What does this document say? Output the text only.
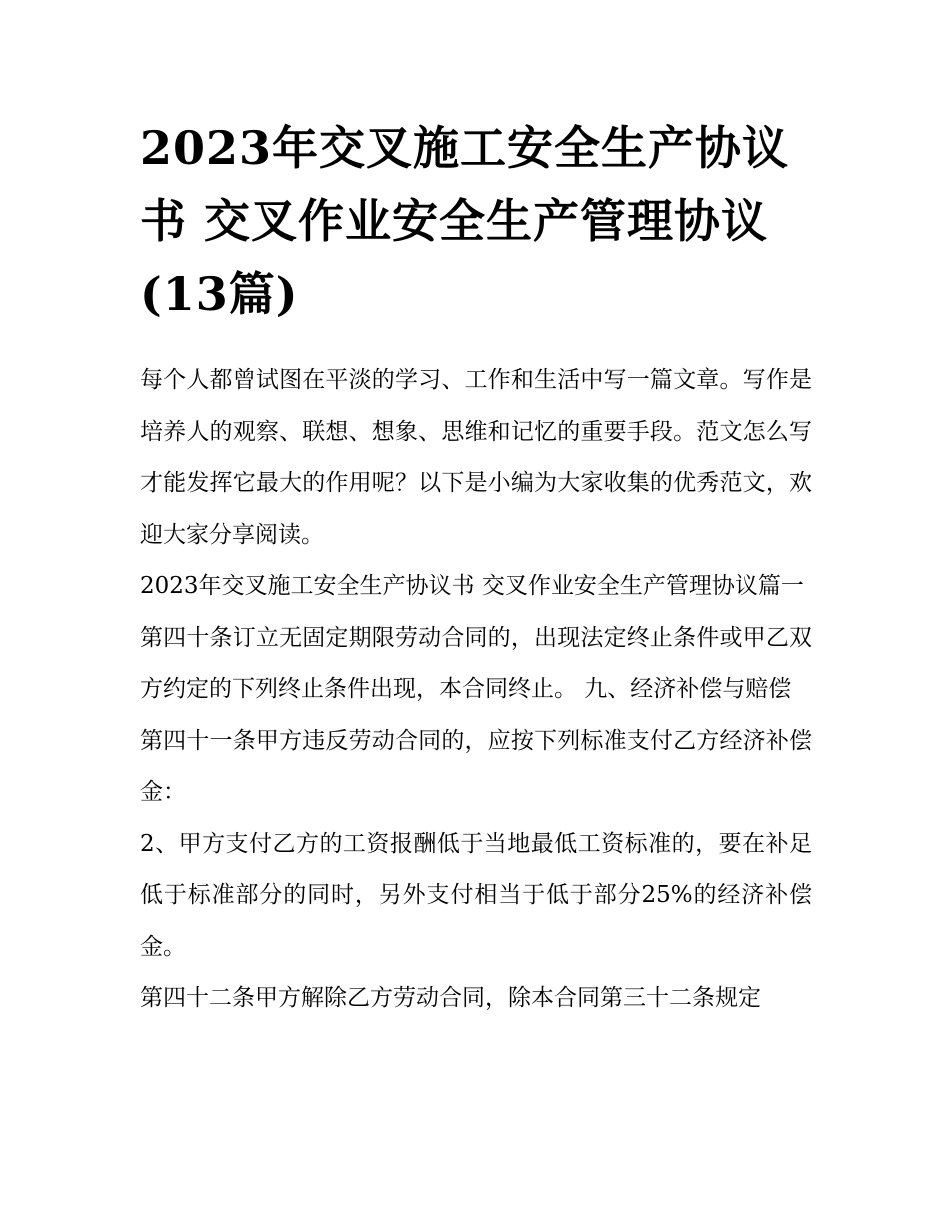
2023年交叉施工安全生产协议书 交叉作业安全生产管理协议(13篇)

每个人都曾试图在平淡的学习、工作和生活中写一篇文章。写作是培养人的观察、联想、想象、思维和记忆的重要手段。范文怎么写才能发挥它最大的作用呢？以下是小编为大家收集的优秀范文，欢迎大家分享阅读。

2023年交叉施工安全生产协议书 交叉作业安全生产管理协议篇一

第四十条订立无固定期限劳动合同的，出现法定终止条件或甲乙双方约定的下列终止条件出现，本合同终止。 九、经济补偿与赔偿

第四十一条甲方违反劳动合同的，应按下列标准支付乙方经济补偿金：

2、甲方支付乙方的工资报酬低于当地最低工资标准的，要在补足低于标准部分的同时，另外支付相当于低于部分25%的经济补偿金。

第四十二条甲方解除乙方劳动合同，除本合同第三十二条规定
